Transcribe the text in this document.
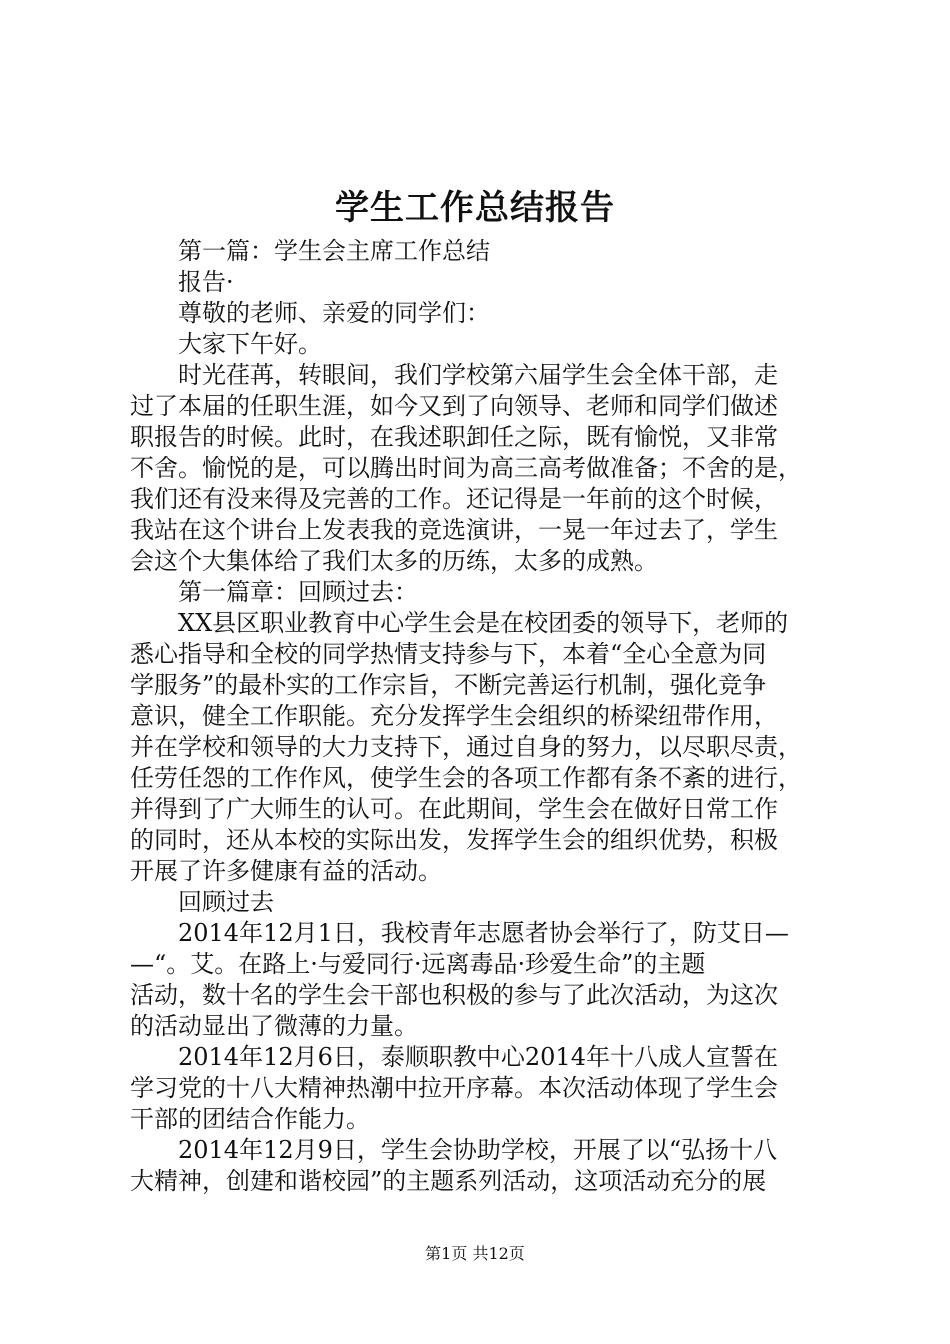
学生工作总结报告
第一篇：学生会主席工作总结
报告·
尊敬的老师、亲爱的同学们：
大家下午好。
时光荏苒，转眼间，我们学校第六届学生会全体干部，走
过了本届的任职生涯，如今又到了向领导、老师和同学们做述
职报告的时候。此时，在我述职卸任之际，既有愉悦，又非常
不舍。愉悦的是，可以腾出时间为高三高考做准备；不舍的是，
我们还有没来得及完善的工作。还记得是一年前的这个时候，
我站在这个讲台上发表我的竞选演讲，一晃一年过去了，学生
会这个大集体给了我们太多的历练，太多的成熟。
第一篇章：回顾过去：
XX县区职业教育中心学生会是在校团委的领导下，老师的
悉心指导和全校的同学热情支持参与下，本着“全心全意为同
学服务”的最朴实的工作宗旨，不断完善运行机制，强化竞争
意识，健全工作职能。充分发挥学生会组织的桥梁纽带作用，
并在学校和领导的大力支持下，通过自身的努力，以尽职尽责，
任劳任怨的工作作风，使学生会的各项工作都有条不紊的进行，
并得到了广大师生的认可。在此期间，学生会在做好日常工作
的同时，还从本校的实际出发，发挥学生会的组织优势，积极
开展了许多健康有益的活动。
回顾过去
2014年12月1日，我校青年志愿者协会举行了，防艾日—
—“。艾。在路上·与爱同行·远离毒品·珍爱生命”的主题
活动，数十名的学生会干部也积极的参与了此次活动，为这次
的活动显出了微薄的力量。
2014年12月6日，泰顺职教中心2014年十八成人宣誓在
学习党的十八大精神热潮中拉开序幕。本次活动体现了学生会
干部的团结合作能力。
2014年12月9日，学生会协助学校，开展了以“弘扬十八
大精神，创建和谐校园”的主题系列活动，这项活动充分的展
第1页 共12页
